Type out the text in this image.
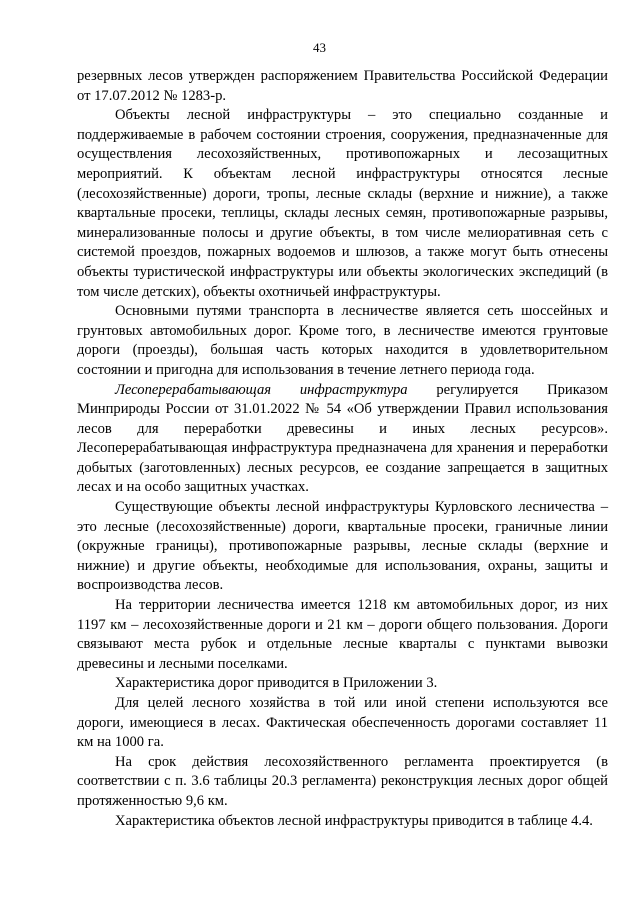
43

резервных лесов утвержден распоряжением Правительства Российской Федерации от 17.07.2012 № 1283-р.

Объекты лесной инфраструктуры – это специально созданные и поддерживаемые в рабочем состоянии строения, сооружения, предназначенные для осуществления лесохозяйственных, противопожарных и лесозащитных мероприятий. К объектам лесной инфраструктуры относятся лесные (лесохозяйственные) дороги, тропы, лесные склады (верхние и нижние), а также квартальные просеки, теплицы, склады лесных семян, противопожарные разрывы, минерализованные полосы и другие объекты, в том числе мелиоративная сеть с системой проездов, пожарных водоемов и шлюзов, а также могут быть отнесены объекты туристической инфраструктуры или объекты экологических экспедиций (в том числе детских), объекты охотничьей инфраструктуры.

Основными путями транспорта в лесничестве является сеть шоссейных и грунтовых автомобильных дорог. Кроме того, в лесничестве имеются грунтовые дороги (проезды), большая часть которых находится в удовлетворительном состоянии и пригодна для использования в течение летнего периода года.

Лесоперерабатывающая инфраструктура регулируется Приказом Минприроды России от 31.01.2022 № 54 «Об утверждении Правил использования лесов для переработки древесины и иных лесных ресурсов». Лесоперерабатывающая инфраструктура предназначена для хранения и переработки добытых (заготовленных) лесных ресурсов, ее создание запрещается в защитных лесах и на особо защитных участках.

Существующие объекты лесной инфраструктуры Курловского лесничества – это лесные (лесохозяйственные) дороги, квартальные просеки, граничные линии (окружные границы), противопожарные разрывы, лесные склады (верхние и нижние) и другие объекты, необходимые для использования, охраны, защиты и воспроизводства лесов.

На территории лесничества имеется 1218 км автомобильных дорог, из них 1197 км – лесохозяйственные дороги и 21 км – дороги общего пользования. Дороги связывают места рубок и отдельные лесные кварталы с пунктами вывозки древесины и лесными поселками.

Характеристика дорог приводится в Приложении 3.

Для целей лесного хозяйства в той или иной степени используются все дороги, имеющиеся в лесах. Фактическая обеспеченность дорогами составляет 11 км на 1000 га.

На срок действия лесохозяйственного регламента проектируется (в соответствии с п. 3.6 таблицы 20.3 регламента) реконструкция лесных дорог общей протяженностью 9,6 км.

Характеристика объектов лесной инфраструктуры приводится в таблице 4.4.
